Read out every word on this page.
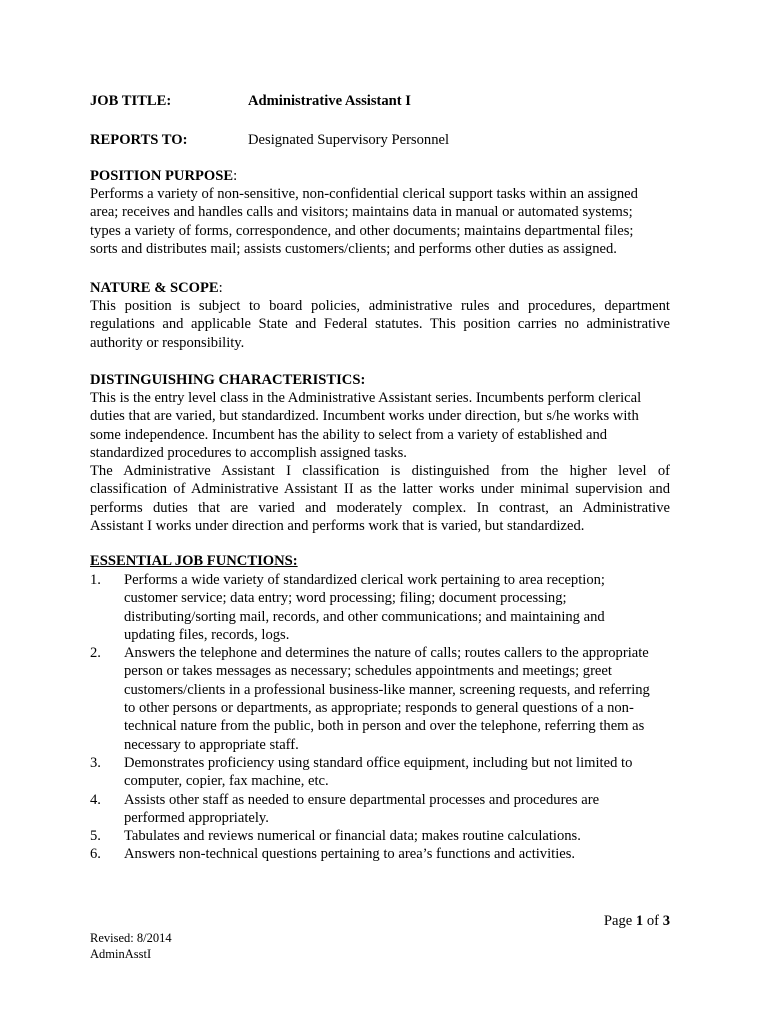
JOB TITLE:	Administrative Assistant I
REPORTS TO:	Designated Supervisory Personnel
POSITION PURPOSE:
Performs a variety of non-sensitive, non-confidential clerical support tasks within an assigned
area; receives and handles calls and visitors; maintains data in manual or automated systems;
types a variety of forms, correspondence, and other documents; maintains departmental files;
sorts and distributes mail; assists customers/clients; and performs other duties as assigned.
NATURE & SCOPE:
This position is subject to board policies, administrative rules and procedures, department
regulations and applicable State and Federal statutes. This position carries no administrative
authority or responsibility.
DISTINGUISHING CHARACTERISTICS:
This is the entry level class in the Administrative Assistant series. Incumbents perform clerical
duties that are varied, but standardized. Incumbent works under direction, but s/he works with
some independence. Incumbent has the ability to select from a variety of established and
standardized procedures to accomplish assigned tasks.
The Administrative Assistant I classification is distinguished from the higher level of
classification of Administrative Assistant II as the latter works under minimal supervision and
performs duties that are varied and moderately complex. In contrast, an Administrative
Assistant I works under direction and performs work that is varied, but standardized.
ESSENTIAL JOB FUNCTIONS:
1. Performs a wide variety of standardized clerical work pertaining to area reception;
customer service; data entry; word processing; filing; document processing;
distributing/sorting mail, records, and other communications; and maintaining and
updating files, records, logs.
2. Answers the telephone and determines the nature of calls; routes callers to the appropriate
person or takes messages as necessary; schedules appointments and meetings; greet
customers/clients in a professional business-like manner, screening requests, and referring
to other persons or departments, as appropriate; responds to general questions of a non-
technical nature from the public, both in person and over the telephone, referring them as
necessary to appropriate staff.
3. Demonstrates proficiency using standard office equipment, including but not limited to
computer, copier, fax machine, etc.
4. Assists other staff as needed to ensure departmental processes and procedures are
performed appropriately.
5. Tabulates and reviews numerical or financial data; makes routine calculations.
6. Answers non-technical questions pertaining to area’s functions and activities.
Page 1 of 3
Revised: 8/2014
AdminAsstI
